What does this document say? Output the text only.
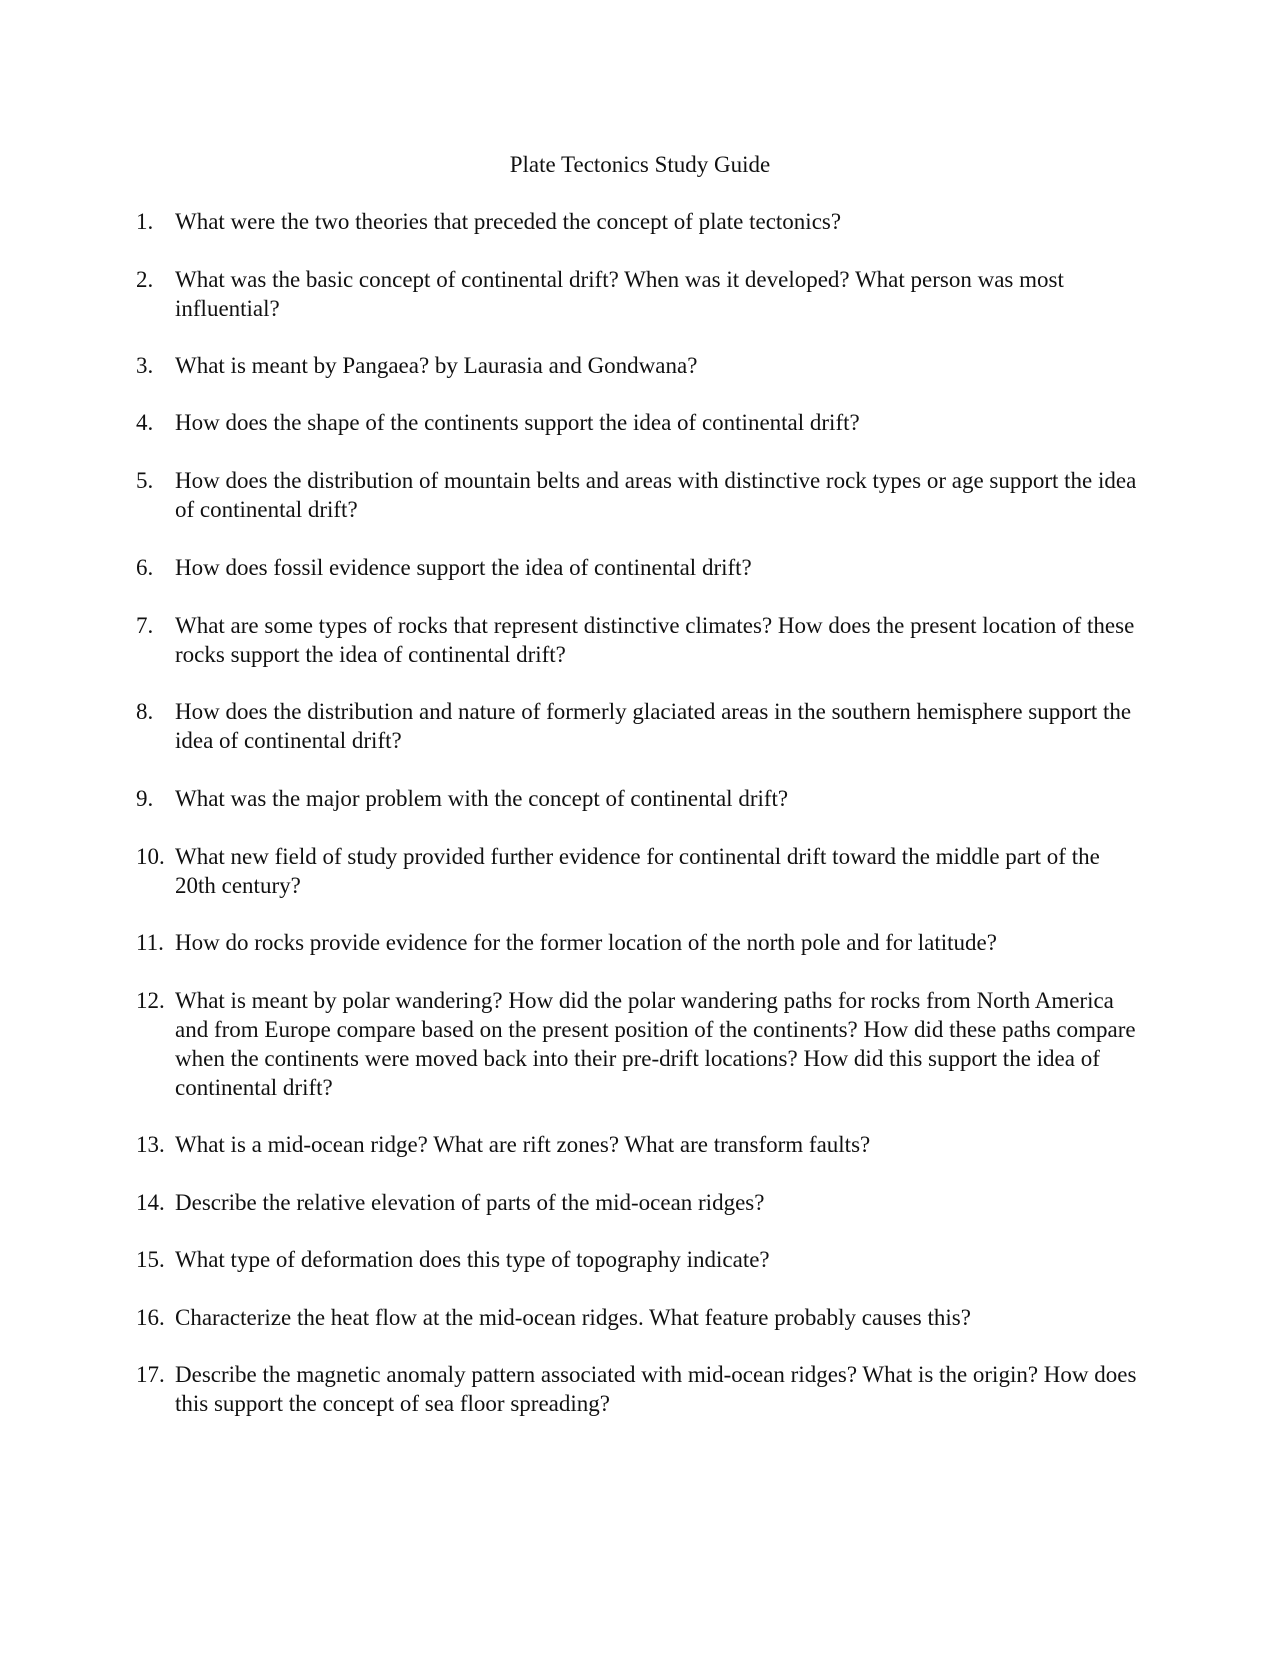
Plate Tectonics Study Guide
1. What were the two theories that preceded the concept of plate tectonics?
2. What was the basic concept of continental drift? When was it developed? What person was most influential?
3. What is meant by Pangaea? by Laurasia and Gondwana?
4. How does the shape of the continents support the idea of continental drift?
5. How does the distribution of mountain belts and areas with distinctive rock types or age support the idea of continental drift?
6. How does fossil evidence support the idea of continental drift?
7. What are some types of rocks that represent distinctive climates? How does the present location of these rocks support the idea of continental drift?
8. How does the distribution and nature of formerly glaciated areas in the southern hemisphere support the idea of continental drift?
9. What was the major problem with the concept of continental drift?
10. What new field of study provided further evidence for continental drift toward the middle part of the 20th century?
11. How do rocks provide evidence for the former location of the north pole and for latitude?
12. What is meant by polar wandering? How did the polar wandering paths for rocks from North America and from Europe compare based on the present position of the continents? How did these paths compare when the continents were moved back into their pre-drift locations? How did this support the idea of continental drift?
13. What is a mid-ocean ridge? What are rift zones? What are transform faults?
14. Describe the relative elevation of parts of the mid-ocean ridges?
15. What type of deformation does this type of topography indicate?
16. Characterize the heat flow at the mid-ocean ridges. What feature probably causes this?
17. Describe the magnetic anomaly pattern associated with mid-ocean ridges? What is the origin? How does this support the concept of sea floor spreading?
